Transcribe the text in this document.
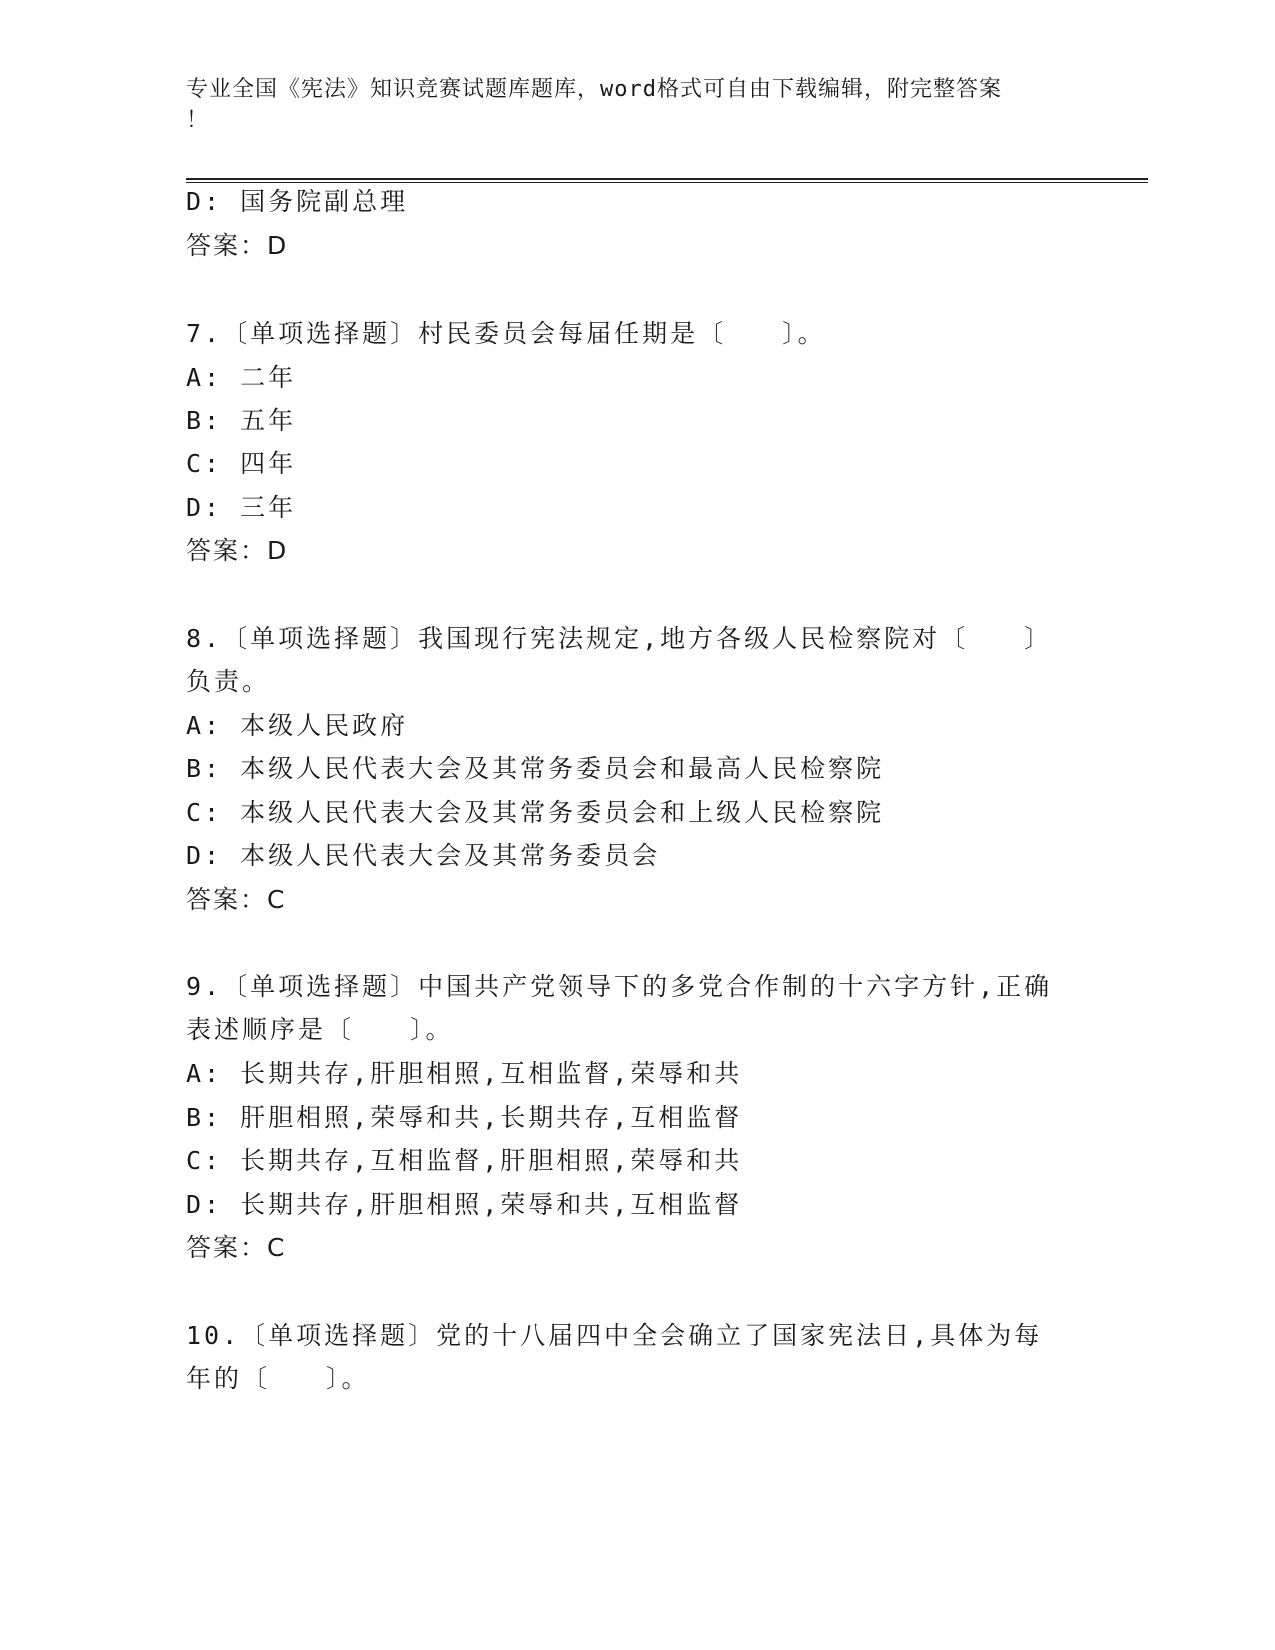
专业全国《宪法》知识竞赛试题库题库，word格式可自由下载编辑，附完整答案
！
D: 国务院副总理
答案：D
7.〔单项选择题〕村民委员会每届任期是〔　　〕。
A: 二年
B: 五年
C: 四年
D: 三年
答案：D
8.〔单项选择题〕我国现行宪法规定,地方各级人民检察院对〔　　〕
负责。
A: 本级人民政府
B: 本级人民代表大会及其常务委员会和最高人民检察院
C: 本级人民代表大会及其常务委员会和上级人民检察院
D: 本级人民代表大会及其常务委员会
答案：C
9.〔单项选择题〕中国共产党领导下的多党合作制的十六字方针,正确
表述顺序是〔　　〕。
A: 长期共存,肝胆相照,互相监督,荣辱和共
B: 肝胆相照,荣辱和共,长期共存,互相监督
C: 长期共存,互相监督,肝胆相照,荣辱和共
D: 长期共存,肝胆相照,荣辱和共,互相监督
答案：C
10.〔单项选择题〕党的十八届四中全会确立了国家宪法日,具体为每
年的〔　　〕。
